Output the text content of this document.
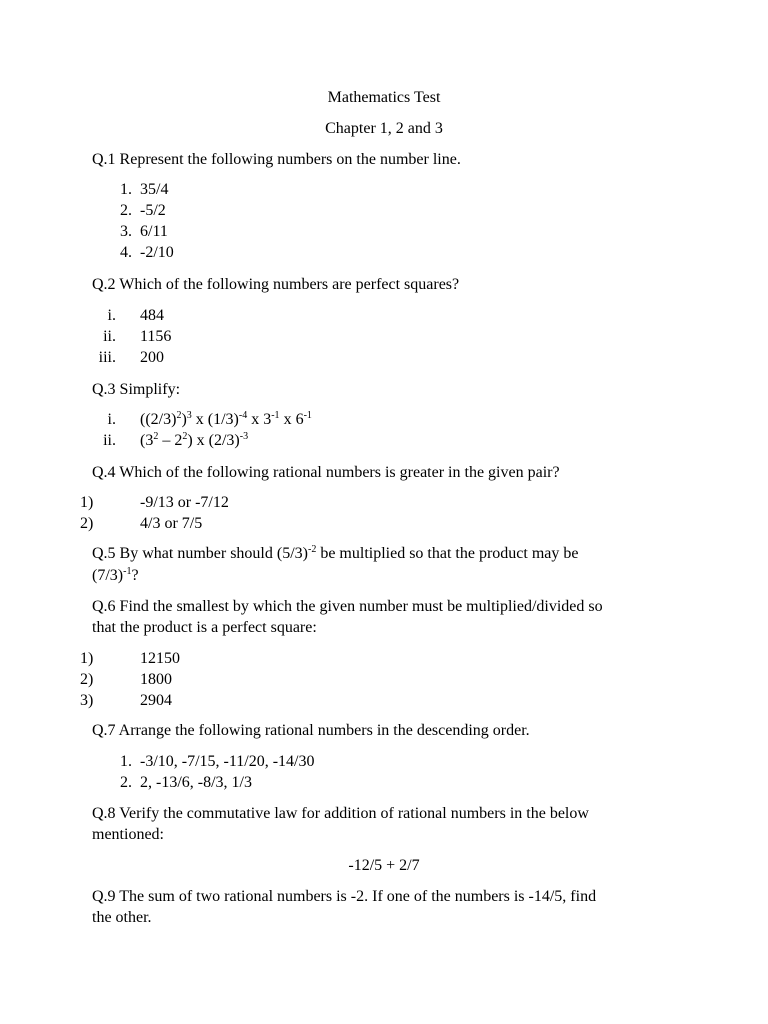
Mathematics Test
Chapter 1, 2 and 3
Q.1 Represent the following numbers on the number line.
1. 35/4
2. -5/2
3. 6/11
4. -2/10
Q.2 Which of the following numbers are perfect squares?
i. 484
ii. 1156
iii. 200
Q.3 Simplify:
i. $((2/3)^2)^3$ x $(1/3)^{-4}$ x $3^{-1}$ x $6^{-1}$
ii. $(3^2 - 2^2)$ x $(2/3)^{-3}$
Q.4 Which of the following rational numbers is greater in the given pair?
1)	-9/13 or -7/12
2)	4/3 or 7/5
Q.5 By what number should $(5/3)^{-2}$ be multiplied so that the product may be
$(7/3)^{-1}$?
Q.6 Find the smallest by which the given number must be multiplied/divided so
that the product is a perfect square:
1)	12150
2)	1800
3)	2904
Q.7 Arrange the following rational numbers in the descending order.
1. -3/10, -7/15, -11/20, -14/30
2. 2, -13/6, -8/3, 1/3
Q.8 Verify the commutative law for addition of rational numbers in the below
mentioned:
-12/5 + 2/7
Q.9 The sum of two rational numbers is -2. If one of the numbers is -14/5, find
the other.
